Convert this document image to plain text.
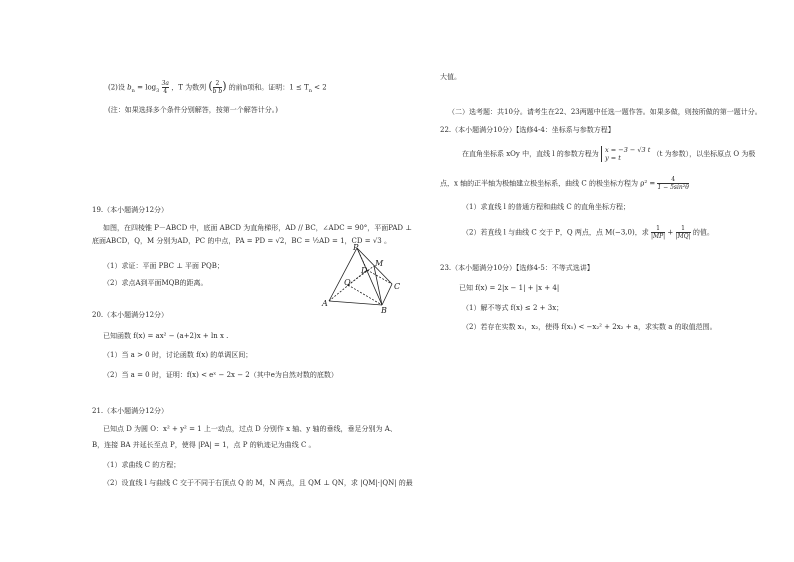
(2)设 $b_n = \log_3 \frac{3a}{4}$ ，T 为数列 ( $\frac{2}{\text{b b}}$ ) 的前n项和。证明：$1 \le T_n < 2$
(注：如果选择多个条件分别解答，按第一个解答计分。)
19.（本小题满分12分）
如图，在四棱锥 P－ABCD 中，底面 ABCD 为直角梯形，AD // BC，∠ADC = 90°，平面PAD ⊥
底面ABCD，Q，M 分别为AD，PC 的中点，PA = PD = √2，BC = ½AD = 1，CD = √3 。
（1）求证：平面 PBC ⊥ 平面 PQB；
（2）求点A到平面MQB的距离。
P
D
M
Q	C
A
B
20.（本小题满分12分）
已知函数 f(x) = ax² − (a+2)x + ln x .
（1）当 a > 0 时，讨论函数 f(x) 的单调区间；
（2）当 a = 0 时，证明：f(x) < eˣ − 2x − 2（其中e为自然对数的底数）
21.（本小题满分12分）
已知点 D 为圆 O：x² + y² = 1 上一动点，过点 D 分别作 x 轴、y 轴的垂线，垂足分别为 A、
B，连接 BA 并延长至点 P，使得 |PA| = 1，点 P 的轨迹记为曲线 C 。
（1）求曲线 C 的方程；
（2）设直线 l 与曲线 C 交于不同于右顶点 Q 的 M，N 两点，且 QM ⊥ QN，求 |QM|·|QN| 的最
大值。
（二）选考题：共10分。请考生在22、23两题中任选一题作答。如果多做，则按所做的第一题计分。
22.（本小题满分10分）【选修4-4：坐标系与参数方程】
在直角坐标系 xOy 中，直线 l 的参数方程为 x = −3 − √3 t
y = t	（t 为参数），以坐标原点 O 为极
点，x 轴的正半轴为极轴建立极坐标系，曲线 C 的极坐标方程为 $\rho^2 = \frac{4}{\text{1 − 5sin²θ}}$
（1）求直线 l 的普通方程和曲线 C 的直角坐标方程；
（2）若直线 l 与曲线 C 交于 P，Q 两点，点 M(−3,0)，求 $\frac{1}{|MP|} + \frac{1}{|MQ|}$ 的值。
23.（本小题满分10分）【选修4-5：不等式选讲】
已知 f(x) = 2|x − 1| + |x + 4|
（1）解不等式 f(x) ≤ 2 + 3x；
（2）若存在实数 x₁，x₂，使得 f(x₁) < −x₂² + 2x₂ + a，求实数 a 的取值范围。
